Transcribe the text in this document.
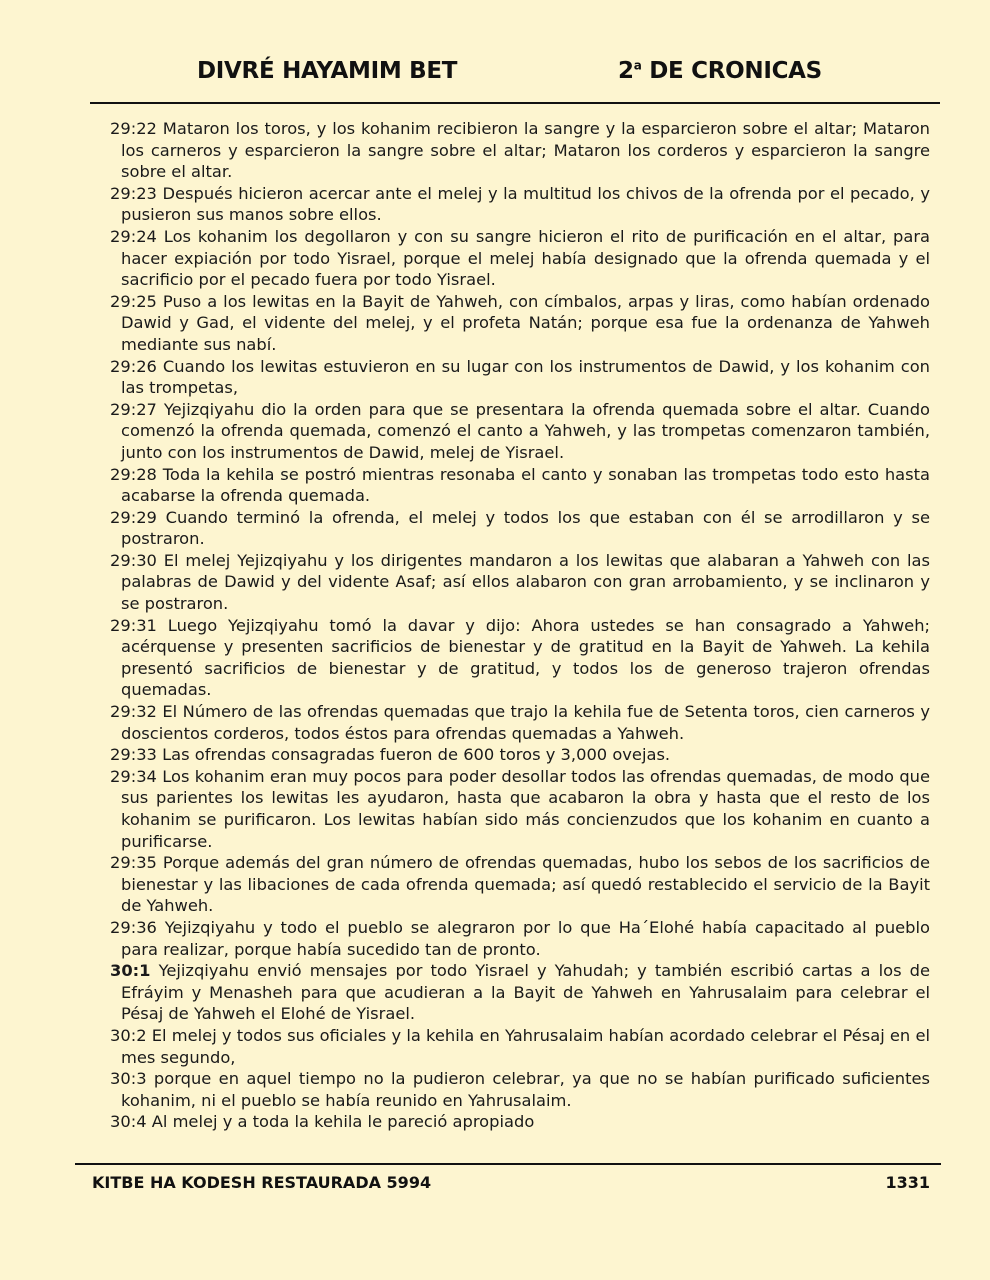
DIVRÉ HAYAMIM BET	2$^a$ DE CRONICAS

29:22 Mataron los toros, y los kohanim recibieron la sangre y la esparcieron sobre el altar; Mataron los carneros y esparcieron la sangre sobre el altar; Mataron los corderos y esparcieron la sangre sobre el altar.

29:23 Después hicieron acercar ante el melej y la multitud los chivos de la ofrenda por el pecado, y pusieron sus manos sobre ellos.

29:24 Los kohanim los degollaron y con su sangre hicieron el rito de purificación en el altar, para hacer expiación por todo Yisrael, porque el melej había designado que la ofrenda quemada y el sacrificio por el pecado fuera por todo Yisrael.

29:25 Puso a los lewitas en la Bayit de Yahweh, con címbalos, arpas y liras, como habían ordenado Dawid y Gad, el vidente del melej, y el profeta Natán; porque esa fue la ordenanza de Yahweh mediante sus nabí.

29:26 Cuando los lewitas estuvieron en su lugar con los instrumentos de Dawid, y los kohanim con las trompetas,

29:27 Yejizqiyahu dio la orden para que se presentara la ofrenda quemada sobre el altar. Cuando comenzó la ofrenda quemada, comenzó el canto a Yahweh, y las trompetas comenzaron también, junto con los instrumentos de Dawid, melej de Yisrael.

29:28 Toda la kehila se postró mientras resonaba el canto y sonaban las trompetas todo esto hasta acabarse la ofrenda quemada.

29:29 Cuando terminó la ofrenda, el melej y todos los que estaban con él se arrodillaron y se postraron.

29:30 El melej Yejizqiyahu y los dirigentes mandaron a los lewitas que alabaran a Yahweh con las palabras de Dawid y del vidente Asaf; así ellos alabaron con gran arrobamiento, y se inclinaron y se postraron.

29:31 Luego Yejizqiyahu tomó la davar y dijo: Ahora ustedes se han consagrado a Yahweh; acérquense y presenten sacrificios de bienestar y de gratitud en la Bayit de Yahweh. La kehila presentó sacrificios de bienestar y de gratitud, y todos los de generoso trajeron ofrendas quemadas.

29:32 El Número de las ofrendas quemadas que trajo la kehila fue de Setenta toros, cien carneros y doscientos corderos, todos éstos para ofrendas quemadas a Yahweh.

29:33 Las ofrendas consagradas fueron de 600 toros y 3,000 ovejas.

29:34 Los kohanim eran muy pocos para poder desollar todos las ofrendas quemadas, de modo que sus parientes los lewitas les ayudaron, hasta que acabaron la obra y hasta que el resto de los kohanim se purificaron. Los lewitas habían sido más concienzudos que los kohanim en cuanto a purificarse.

29:35 Porque además del gran número de ofrendas quemadas, hubo los sebos de los sacrificios de bienestar y las libaciones de cada ofrenda quemada; así quedó restablecido el servicio de la Bayit de Yahweh.

29:36 Yejizqiyahu y todo el pueblo se alegraron por lo que Ha´Elohé había capacitado al pueblo para realizar, porque había sucedido tan de pronto.

30:1 Yejizqiyahu envió mensajes por todo Yisrael y Yahudah; y también escribió cartas a los de Efráyim y Menasheh para que acudieran a la Bayit de Yahweh en Yahrusalaim para celebrar el Pésaj de Yahweh el Elohé de Yisrael.

30:2 El melej y todos sus oficiales y la kehila en Yahrusalaim habían acordado celebrar el Pésaj en el mes segundo,

30:3 porque en aquel tiempo no la pudieron celebrar, ya que no se habían purificado suficientes kohanim, ni el pueblo se había reunido en Yahrusalaim.

30:4 Al melej y a toda la kehila le pareció apropiado

KITBE HA KODESH RESTAURADA 5994	1331
